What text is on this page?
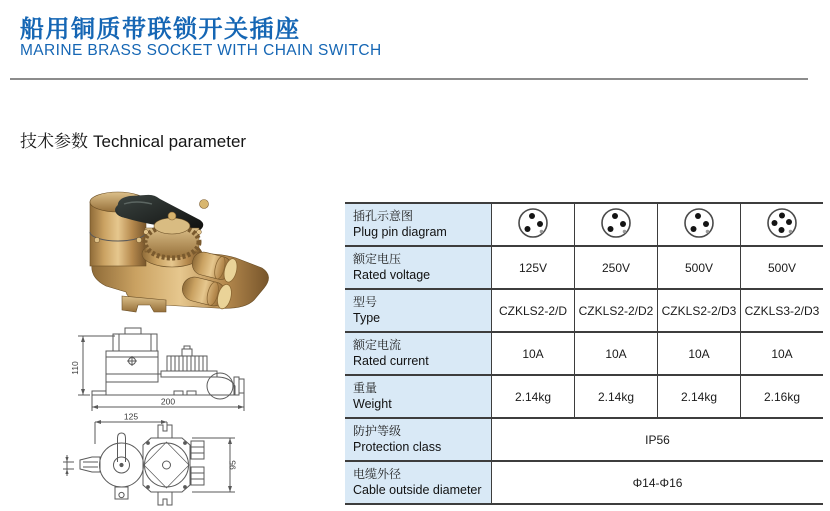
船用铜质带联锁开关插座
MARINE BRASS SOCKET WITH CHAIN SWITCH
技术参数 Technical parameter
110
200
125
95
插孔示意图
Plug pin diagram

额定电压
Rated voltage	125V	250V	500V	500V

型号
Type	CZKLS2-2/D	CZKLS2-2/D2	CZKLS2-2/D3	CZKLS3-2/D3

额定电流
Rated current	10A	10A	10A	10A

重量
Weight	2.14kg	2.14kg	2.14kg	2.16kg

防护等级
Protection class	IP56			

电缆外径
Cable outside diameter	Φ14-Φ16			
